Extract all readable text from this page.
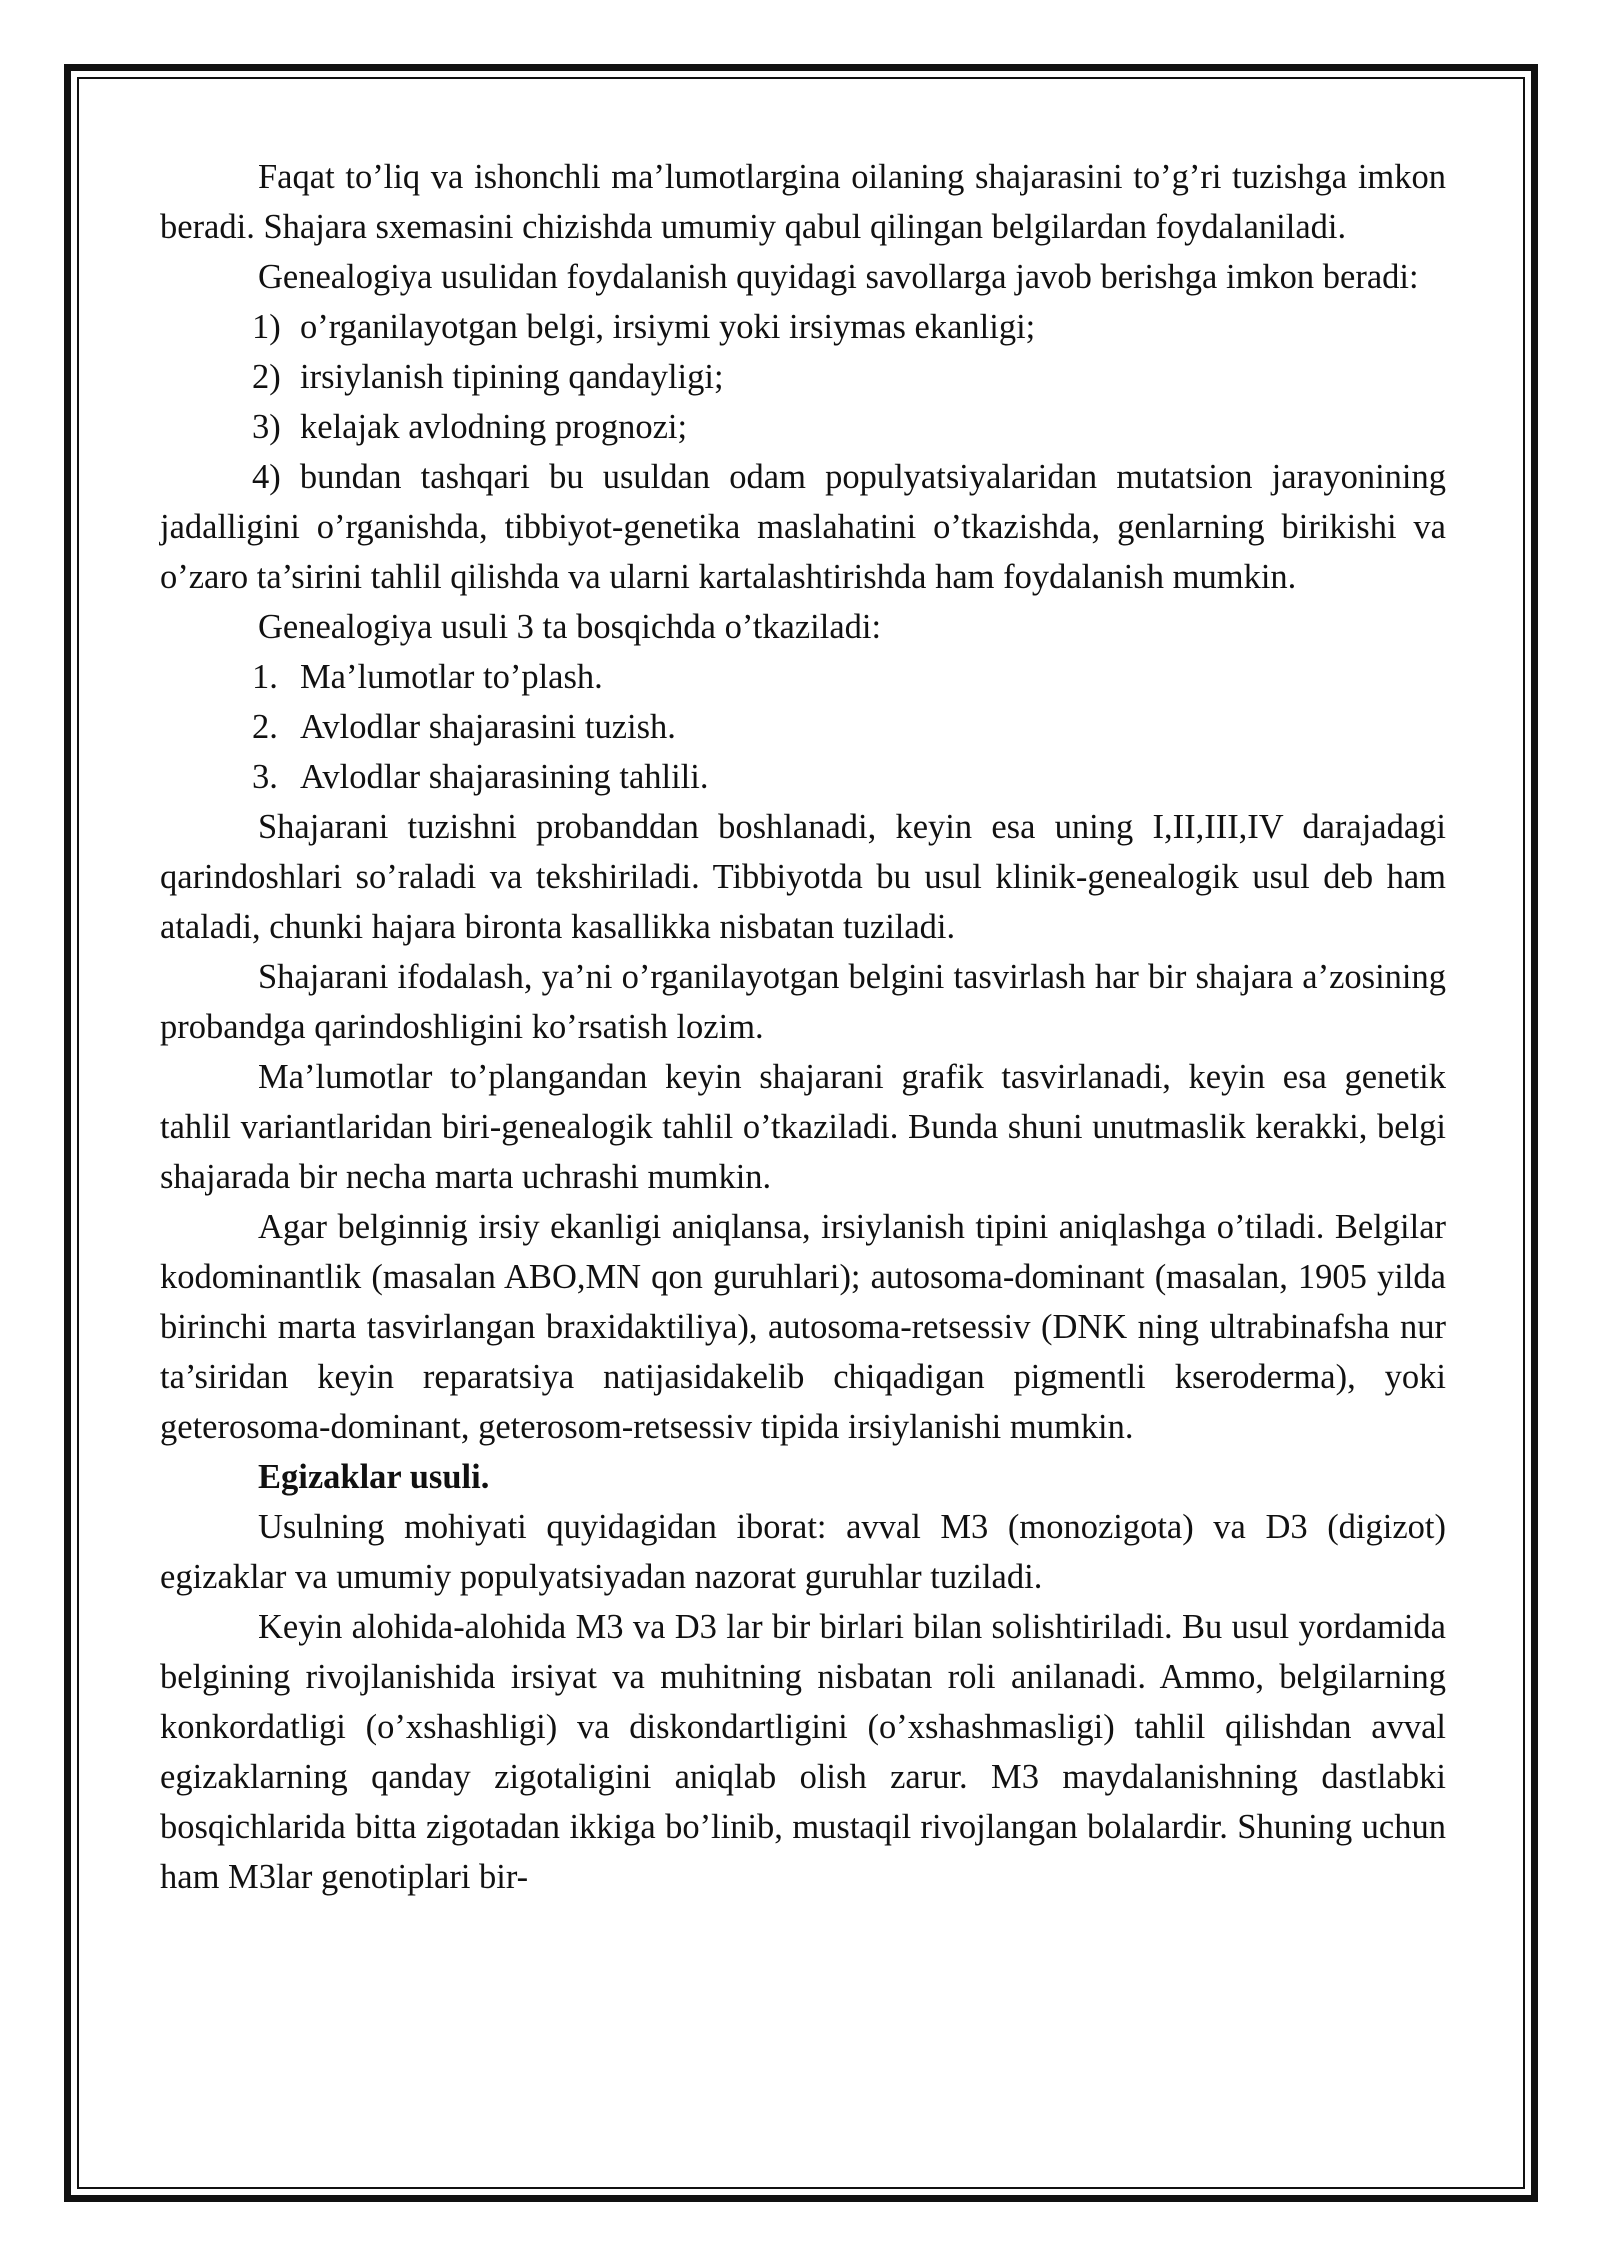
Faqat to’liq va ishonchli ma’lumotlargina oilaning shajarasini to’g’ri tuzishga imkon beradi. Shajara sxemasini chizishda umumiy qabul qilingan belgilardan foydalaniladi.

Genealogiya usulidan foydalanish quyidagi savollarga javob berishga imkon beradi:

1) o’rganilayotgan belgi, irsiymi yoki irsiymas ekanligi;
2) irsiylanish tipining qandayligi;
3) kelajak avlodning prognozi;

4) bundan tashqari bu usuldan odam populyatsiyalaridan mutatsion jarayonining jadalligini o’rganishda, tibbiyot-genetika maslahatini o’tkazishda, genlarning birikishi va o’zaro ta’sirini tahlil qilishda va ularni kartalashtirishda ham foydalanish mumkin.

Genealogiya usuli 3 ta bosqichda o’tkaziladi:

1. Ma’lumotlar to’plash.
2. Avlodlar shajarasini tuzish.
3. Avlodlar shajarasining tahlili.

Shajarani tuzishni probanddan boshlanadi, keyin esa uning I,II,III,IV darajadagi qarindoshlari so’raladi va tekshiriladi. Tibbiyotda bu usul klinik-genealogik usul deb ham ataladi, chunki hajara bironta kasallikka nisbatan tuziladi.

Shajarani ifodalash, ya’ni o’rganilayotgan belgini tasvirlash har bir shajara a’zosining probandga qarindoshligini ko’rsatish lozim.

Ma’lumotlar to’plangandan keyin shajarani grafik tasvirlanadi, keyin esa genetik tahlil variantlaridan biri-genealogik tahlil o’tkaziladi. Bunda shuni unutmaslik kerakki, belgi shajarada bir necha marta uchrashi mumkin.

Agar belginnig irsiy ekanligi aniqlansa, irsiylanish tipini aniqlashga o’tiladi. Belgilar kodominantlik (masalan ABO,MN qon guruhlari); autosoma-dominant (masalan, 1905 yilda birinchi marta tasvirlangan braxidaktiliya), autosoma-retsessiv (DNK ning ultrabinafsha nur ta’siridan keyin reparatsiya natijasidakelib chiqadigan pigmentli kseroderma), yoki geterosoma-dominant, geterosom-retsessiv tipida irsiylanishi mumkin.

Egizaklar usuli.

Usulning mohiyati quyidagidan iborat: avval M3 (monozigota) va D3 (digizot) egizaklar va umumiy populyatsiyadan nazorat guruhlar tuziladi.

Keyin alohida-alohida M3 va D3 lar bir birlari bilan solishtiriladi. Bu usul yordamida belgining rivojlanishida irsiyat va muhitning nisbatan roli anilanadi. Ammo, belgilarning konkordatligi (o’xshashligi) va diskondartligini (o’xshashmasligi) tahlil qilishdan avval egizaklarning qanday zigotaligini aniqlab olish zarur. M3 maydalanishning dastlabki bosqichlarida bitta zigotadan ikkiga bo’linib, mustaqil rivojlangan bolalardir. Shuning uchun ham M3lar genotiplari bir-
